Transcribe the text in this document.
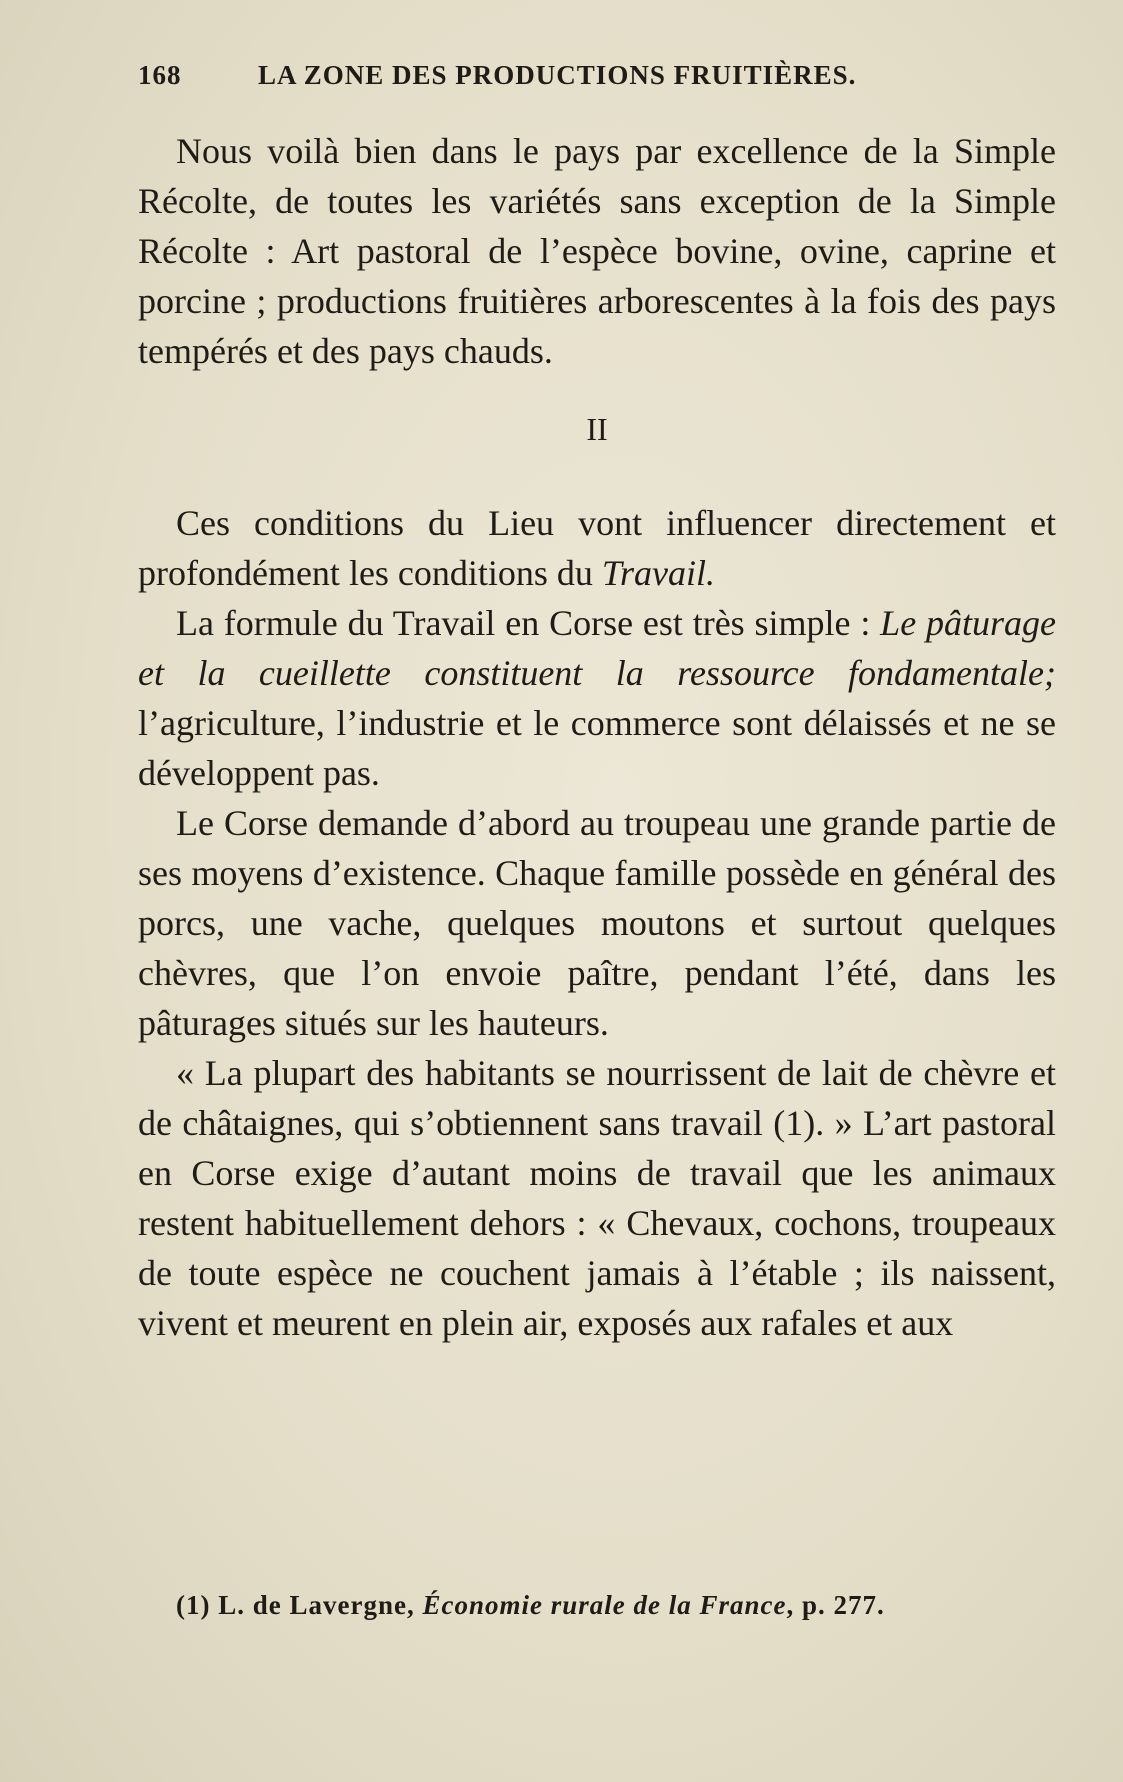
168	LA ZONE DES PRODUCTIONS FRUITIÈRES.

Nous voilà bien dans le pays par excellence de la Simple Récolte, de toutes les variétés sans exception de la Simple Récolte : Art pastoral de l’espèce bovine, ovine, caprine et porcine ; productions fruitières arborescentes à la fois des pays tempérés et des pays chauds.

II

Ces conditions du Lieu vont influencer directement et profondément les conditions du Travail.

La formule du Travail en Corse est très simple : Le pâturage et la cueillette constituent la ressource fondamentale; l’agriculture, l’industrie et le commerce sont délaissés et ne se développent pas.

Le Corse demande d’abord au troupeau une grande partie de ses moyens d’existence. Chaque famille possède en général des porcs, une vache, quelques moutons et surtout quelques chèvres, que l’on envoie paître, pendant l’été, dans les pâturages situés sur les hauteurs.

« La plupart des habitants se nourrissent de lait de chèvre et de châtaignes, qui s’obtiennent sans travail (1). » L’art pastoral en Corse exige d’autant moins de travail que les animaux restent habituellement dehors : « Chevaux, cochons, troupeaux de toute espèce ne couchent jamais à l’étable ; ils naissent, vivent et meurent en plein air, exposés aux rafales et aux

(1) L. de Lavergne, Économie rurale de la France, p. 277.
